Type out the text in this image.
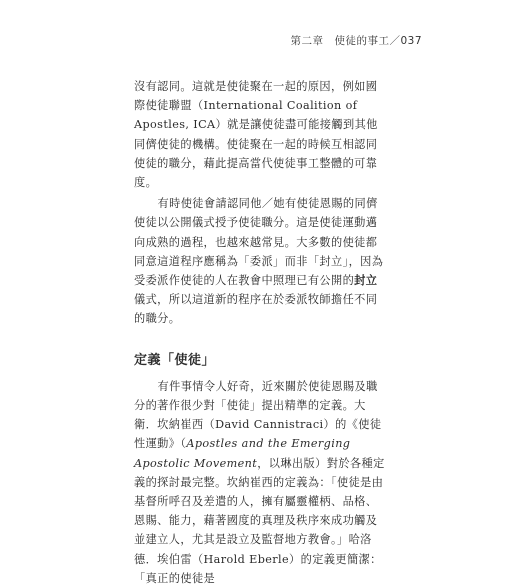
第二章　使徒的事工／037

沒有認同。這就是使徒聚在一起的原因，例如國際使徒聯盟（International Coalition of Apostles, ICA）就是讓使徒盡可能接觸到其他同儕使徒的機構。使徒聚在一起的時候互相認同使徒的職分，藉此提高當代使徒事工整體的可靠度。

有時使徒會請認同他／她有使徒恩賜的同儕使徒以公開儀式授予使徒職分。這是使徒運動邁向成熟的過程，也越來越常見。大多數的使徒都同意這道程序應稱為「委派」而非「封立」，因為受委派作使徒的人在教會中照理已有公開的封立儀式，所以這道新的程序在於委派牧師擔任不同的職分。

定義「使徒」

有件事情令人好奇，近來關於使徒恩賜及職分的著作很少對「使徒」提出精準的定義。大衛．坎納崔西（David Cannistraci）的《使徒性運動》（Apostles and the Emerging Apostolic Movement，以琳出版）對於各種定義的探討最完整。坎納崔西的定義為：「使徒是由基督所呼召及差遣的人，擁有屬靈權柄、品格、恩賜、能力，藉著國度的真理及秩序來成功觸及並建立人，尤其是設立及監督地方教會。」哈洛德．埃伯雷（Harold Eberle）的定義更簡潔：「真正的使徒是
